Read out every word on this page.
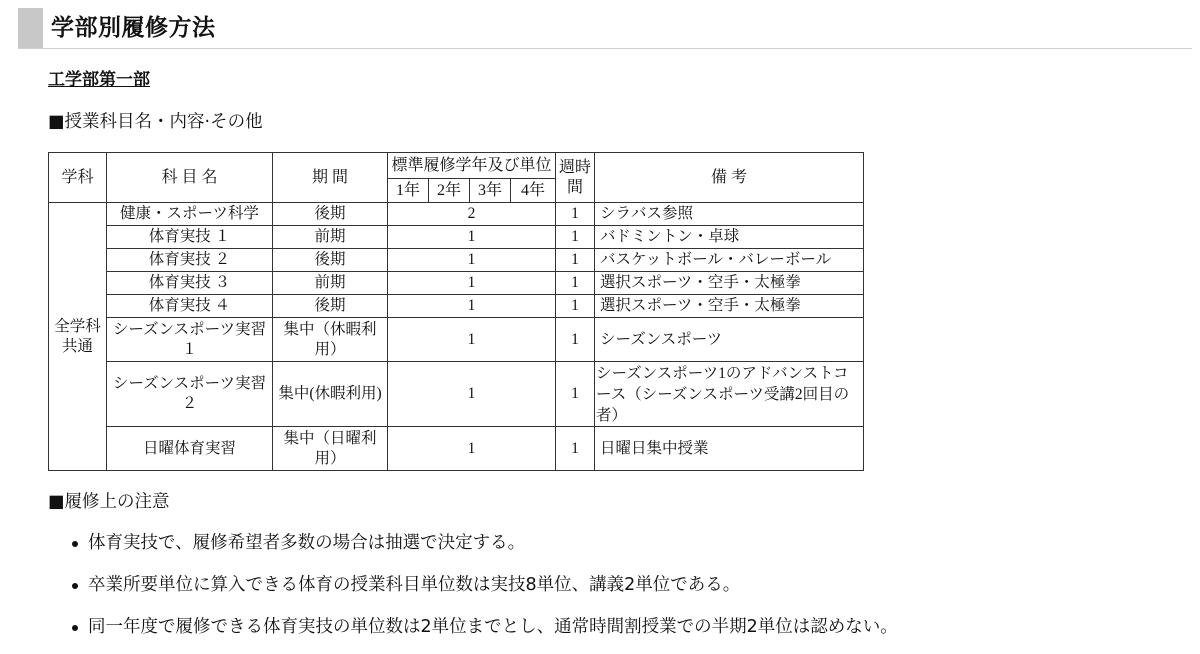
学部別履修方法
工学部第一部
■授業科目名・内容·その他
学科	科 目 名	期 間	標準履修学年及び単位				週時間	備 考
			1年	2年	3年	4年		
全学科共通	健康・スポーツ科学	後期	2				1	シラバス参照
	体育実技 １	前期	1				1	バドミントン・卓球
	体育実技 ２	後期	1				1	バスケットボール・バレーボール
	体育実技 ３	前期	1				1	選択スポーツ・空手・太極拳
	体育実技 ４	後期	1				1	選択スポーツ・空手・太極拳
	シーズンスポーツ実習１	集中（休暇利用）	1				1	シーズンスポーツ
	シーズンスポーツ実習２	集中(休暇利用)	1				1	シーズンスポーツ1のアドバンストコース（シーズンスポーツ受講2回目の者）
	日曜体育実習	集中（日曜利用）	1				1	日曜日集中授業
■履修上の注意
体育実技で、履修希望者多数の場合は抽選で決定する。
卒業所要単位に算入できる体育の授業科目単位数は実技8単位、講義2単位である。
同一年度で履修できる体育実技の単位数は2単位までとし、通常時間割授業での半期2単位は認めない。
